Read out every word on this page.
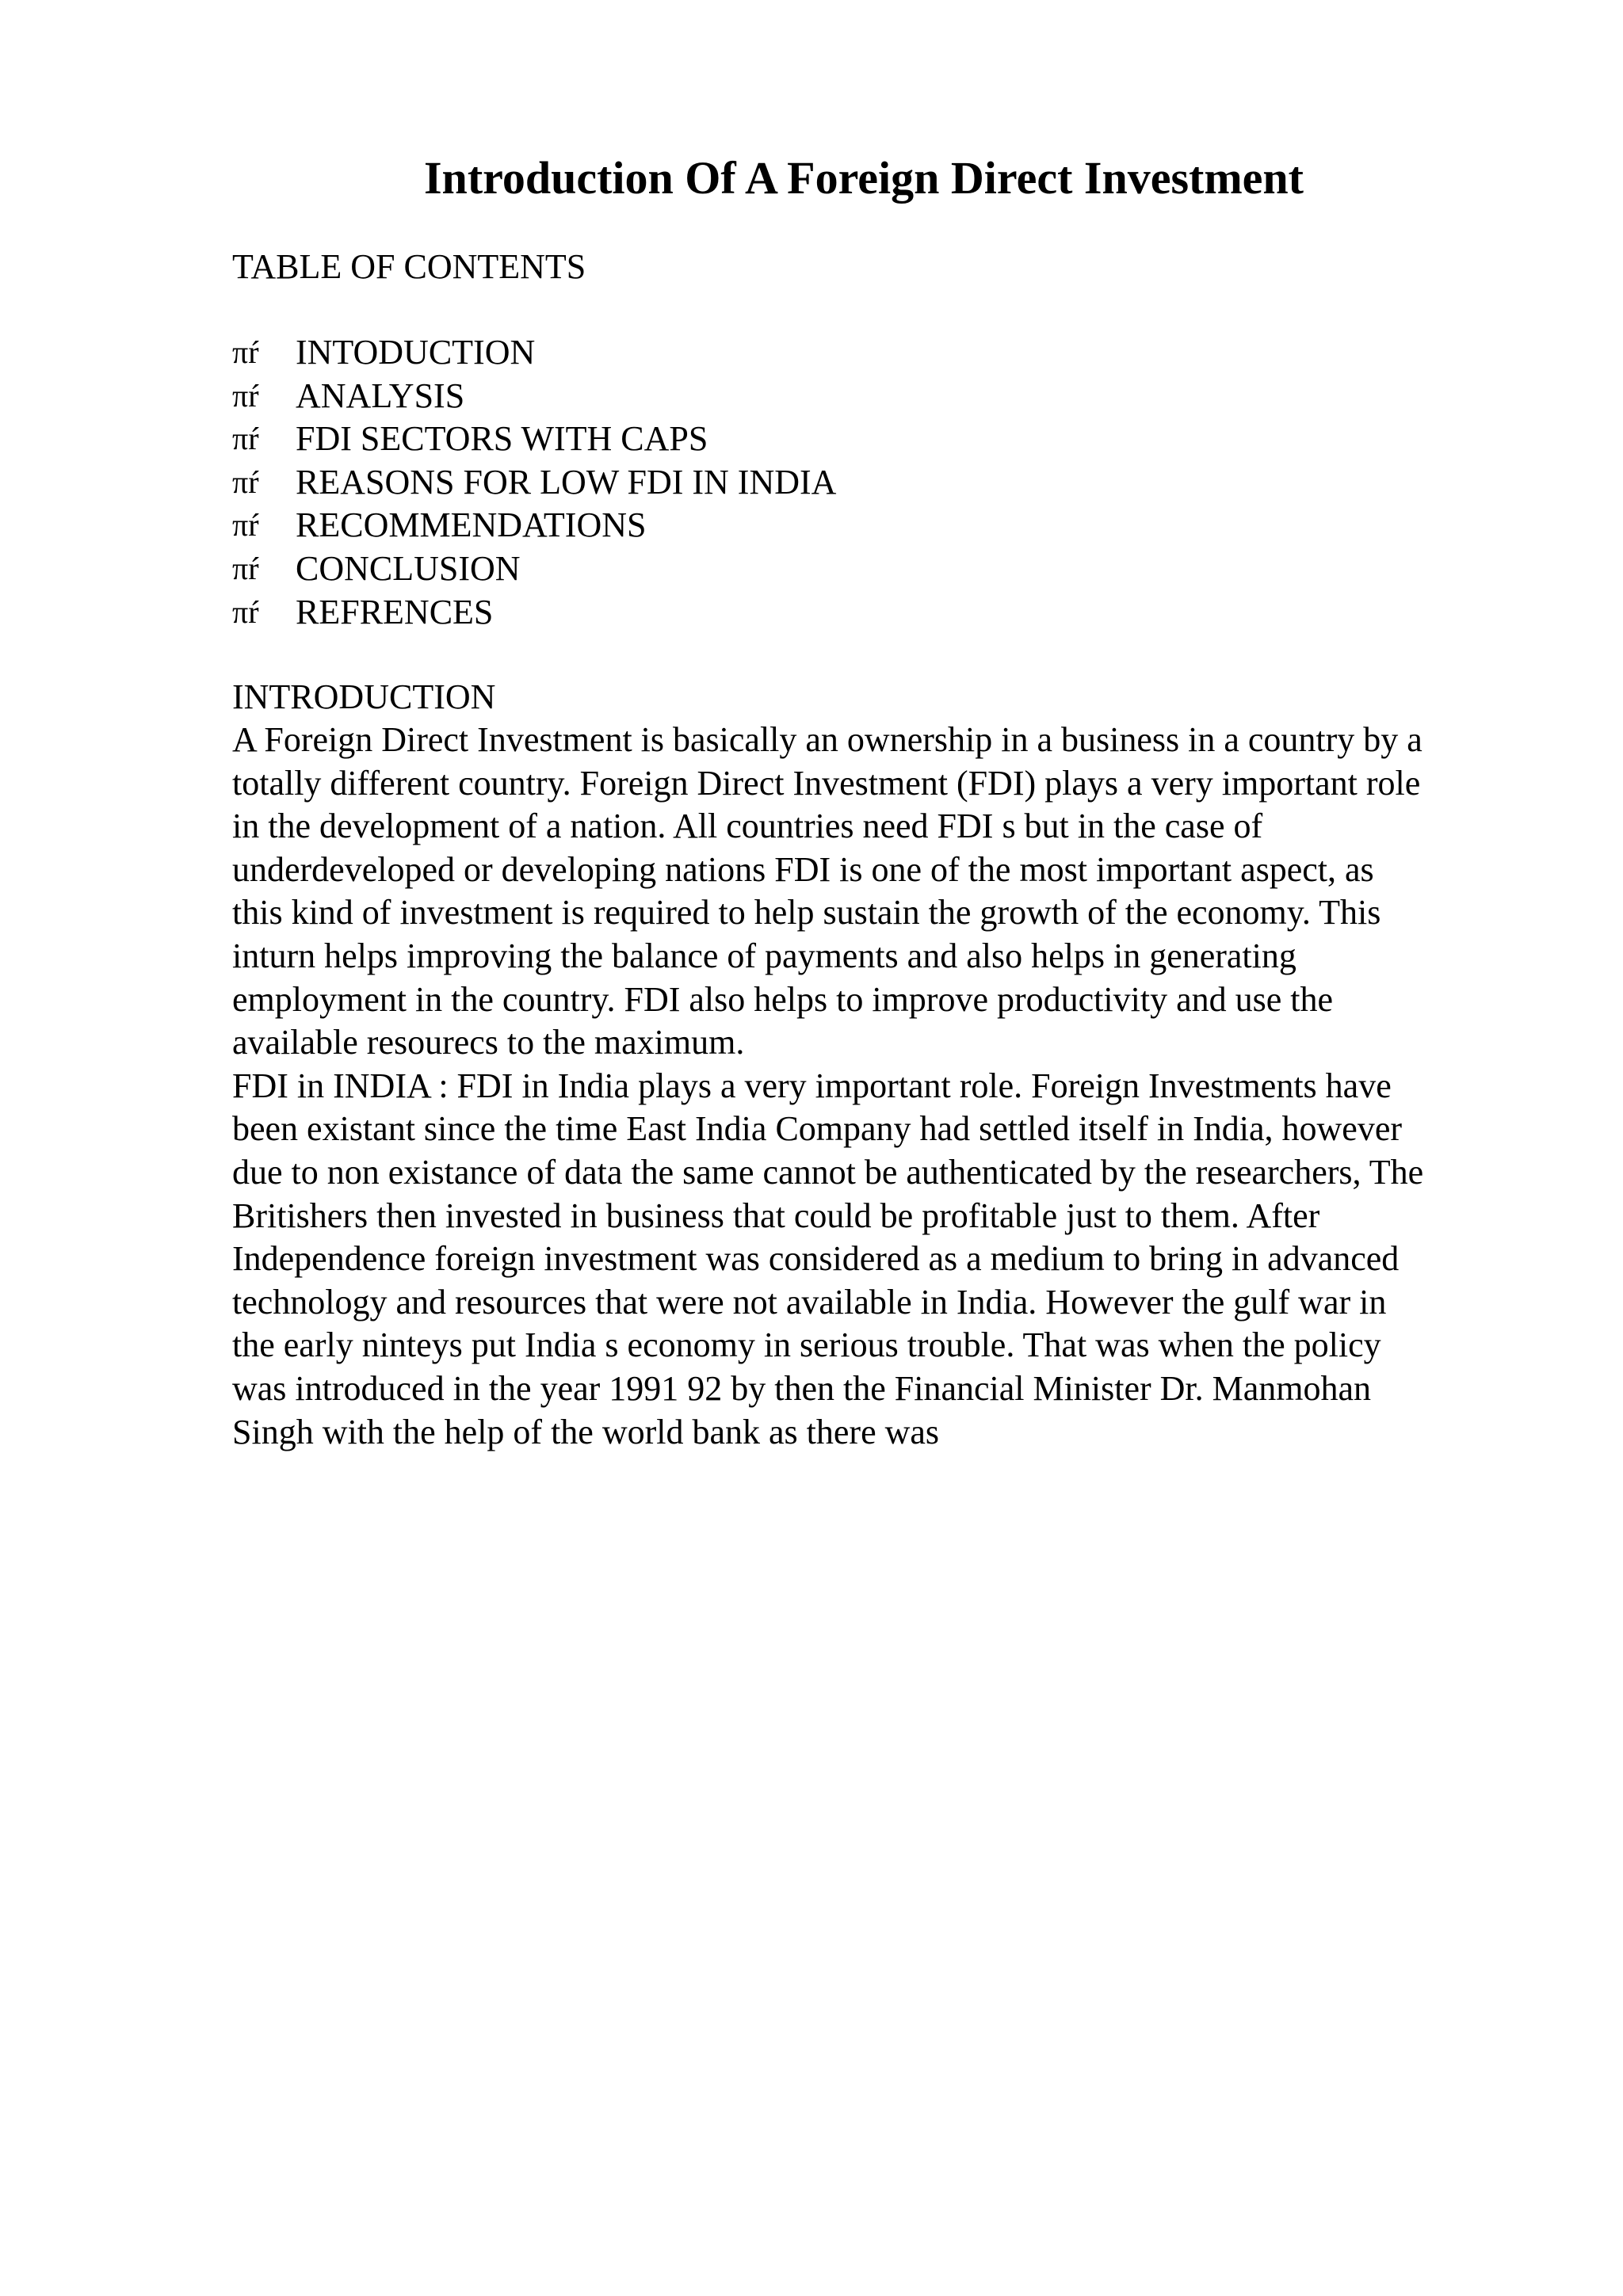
Introduction Of A Foreign Direct Investment
TABLE OF CONTENTS
πŕ	INTODUCTION
πŕ	ANALYSIS
πŕ	FDI SECTORS WITH CAPS
πŕ	REASONS FOR LOW FDI IN INDIA
πŕ	RECOMMENDATIONS
πŕ	CONCLUSION
πŕ	REFRENCES
INTRODUCTION
A Foreign Direct Investment is basically an ownership in a business in a country by a
totally different country. Foreign Direct Investment (FDI) plays a very important role
in the development of a nation. All countries need FDI s but in the case of
underdeveloped or developing nations FDI is one of the most important aspect, as
this kind of investment is required to help sustain the growth of the economy. This
inturn helps improving the balance of payments and also helps in generating
employment in the country. FDI also helps to improve productivity and use the
available resourecs to the maximum.
FDI in INDIA : FDI in India plays a very important role. Foreign Investments have
been existant since the time East India Company had settled itself in India, however
due to non existance of data the same cannot be authenticated by the researchers, The
Britishers then invested in business that could be profitable just to them. After
Independence foreign investment was considered as a medium to bring in advanced
technology and resources that were not available in India. However the gulf war in
the early ninteys put India s economy in serious trouble. That was when the policy
was introduced in the year 1991 92 by then the Financial Minister Dr. Manmohan
Singh with the help of the world bank as there was
